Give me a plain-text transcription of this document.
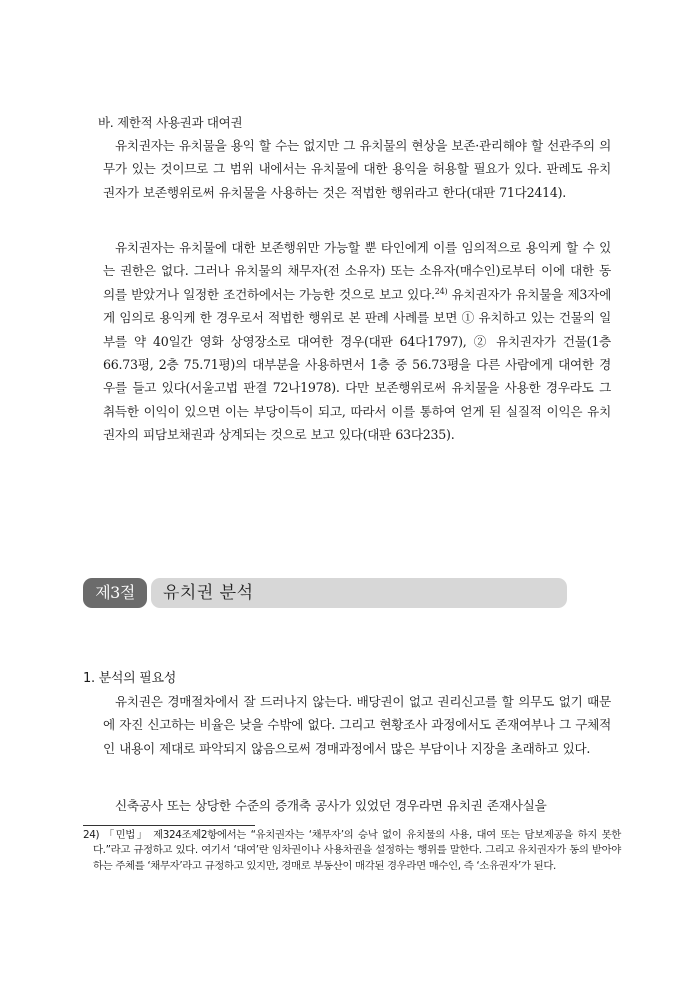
바. 제한적 사용권과 대여권

유치권자는 유치물을 용익 할 수는 없지만 그 유치물의 현상을 보존·관리해야 할 선관주의 의무가 있는 것이므로 그 범위 내에서는 유치물에 대한 용익을 허용할 필요가 있다. 판례도 유치권자가 보존행위로써 유치물을 사용하는 것은 적법한 행위라고 한다(대판 71다2414).

유치권자는 유치물에 대한 보존행위만 가능할 뿐 타인에게 이를 임의적으로 용익케 할 수 있는 권한은 없다. 그러나 유치물의 채무자(전 소유자) 또는 소유자(매수인)로부터 이에 대한 동의를 받았거나 일정한 조건하에서는 가능한 것으로 보고 있다.$^{24)}$ 유치권자가 유치물을 제3자에게 임의로 용익케 한 경우로서 적법한 행위로 본 판례 사례를 보면 ① 유치하고 있는 건물의 일부를 약 40일간 영화 상영장소로 대여한 경우(대판 64다1797), ② 유치권자가 건물(1층 66.73평, 2층 75.71평)의 대부분을 사용하면서 1층 중 56.73평을 다른 사람에게 대여한 경우를 들고 있다(서울고법 판결 72나1978). 다만 보존행위로써 유치물을 사용한 경우라도 그 취득한 이익이 있으면 이는 부당이득이 되고, 따라서 이를 통하여 얻게 된 실질적 이익은 유치권자의 피담보채권과 상계되는 것으로 보고 있다(대판 63다235).

제3절	유치권 분석
1. 분석의 필요성

유치권은 경매절차에서 잘 드러나지 않는다. 배당권이 없고 권리신고를 할 의무도 없기 때문에 자진 신고하는 비율은 낮을 수밖에 없다. 그리고 현황조사 과정에서도 존재여부나 그 구체적인 내용이 제대로 파악되지 않음으로써 경매과정에서 많은 부담이나 지장을 초래하고 있다.

신축공사 또는 상당한 수준의 증개축 공사가 있었던 경우라면 유치권 존재사실을

24) 「민법」 제324조제2항에서는 “유치권자는 ‘채무자’의 승낙 없이 유치물의 사용, 대여 또는 담보제공을 하지 못한다.”라고 규정하고 있다. 여기서 ‘대여’란 임차권이나 사용차권을 설정하는 행위를 말한다. 그리고 유치권자가 동의 받아야 하는 주체를 ‘채무자’라고 규정하고 있지만, 경매로 부동산이 매각된 경우라면 매수인, 즉 ‘소유권자’가 된다.
